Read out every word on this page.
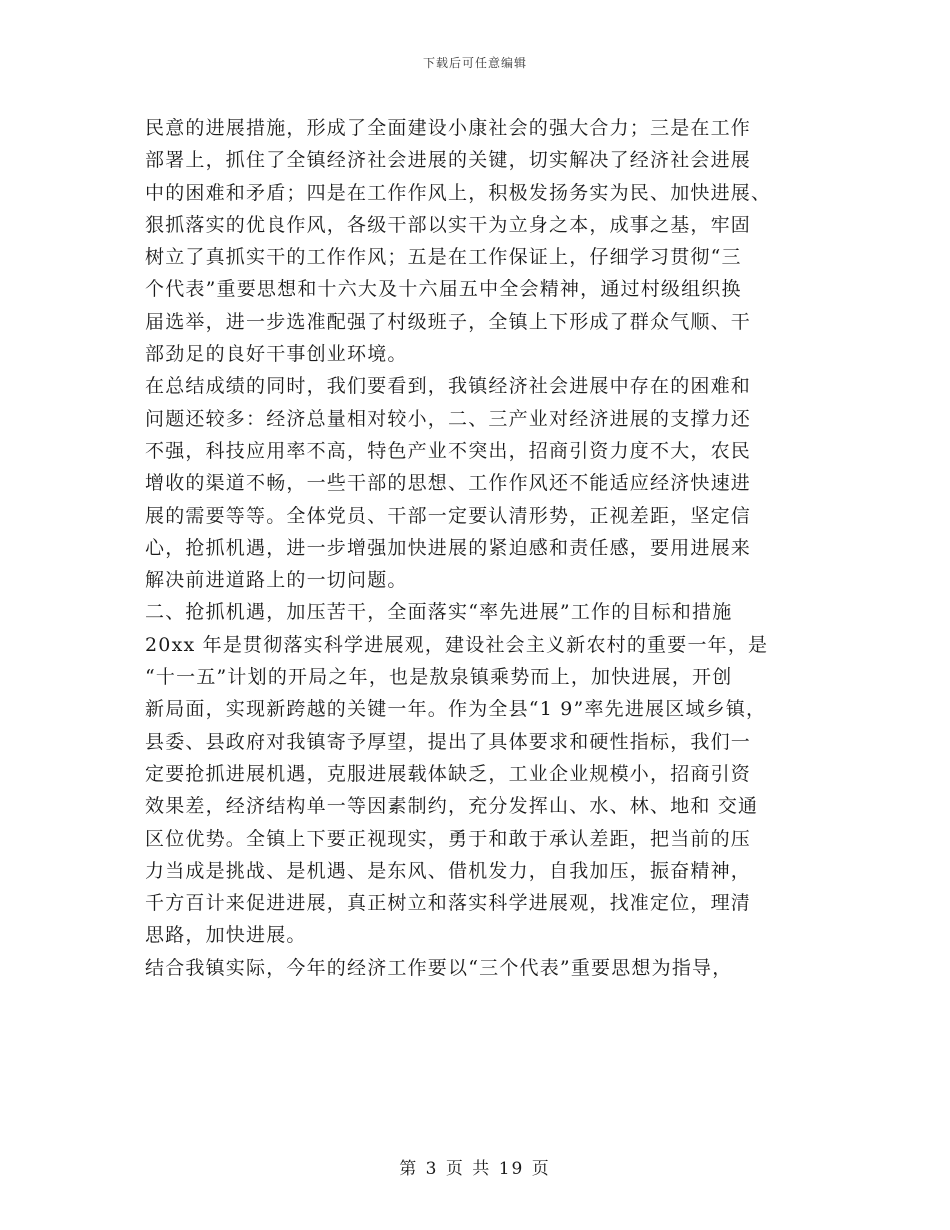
下载后可任意编辑
民意的进展措施，形成了全面建设小康社会的强大合力；三是在工作
部署上，抓住了全镇经济社会进展的关键，切实解决了经济社会进展
中的困难和矛盾；四是在工作作风上，积极发扬务实为民、加快进展、
狠抓落实的优良作风，各级干部以实干为立身之本，成事之基，牢固
树立了真抓实干的工作作风；五是在工作保证上，仔细学习贯彻“三
个代表”重要思想和十六大及十六届五中全会精神，通过村级组织换
届选举，进一步选准配强了村级班子，全镇上下形成了群众气顺、干
部劲足的良好干事创业环境。
在总结成绩的同时，我们要看到，我镇经济社会进展中存在的困难和
问题还较多：经济总量相对较小，二、三产业对经济进展的支撑力还
不强，科技应用率不高，特色产业不突出，招商引资力度不大，农民
增收的渠道不畅，一些干部的思想、工作作风还不能适应经济快速进
展的需要等等。全体党员、干部一定要认清形势，正视差距，坚定信
心，抢抓机遇，进一步增强加快进展的紧迫感和责任感，要用进展来
解决前进道路上的一切问题。
二、抢抓机遇，加压苦干，全面落实“率先进展”工作的目标和措施
20xx 年是贯彻落实科学进展观，建设社会主义新农村的重要一年，是
“十一五”计划的开局之年，也是敖泉镇乘势而上，加快进展，开创
新局面，实现新跨越的关键一年。作为全县“1 9”率先进展区域乡镇，
县委、县政府对我镇寄予厚望，提出了具体要求和硬性指标，我们一
定要抢抓进展机遇，克服进展载体缺乏，工业企业规模小，招商引资
效果差，经济结构单一等因素制约，充分发挥山、水、林、地和 交通
区位优势。全镇上下要正视现实，勇于和敢于承认差距，把当前的压
力当成是挑战、是机遇、是东风、借机发力，自我加压，振奋精神，
千方百计来促进进展，真正树立和落实科学进展观，找准定位，理清
思路，加快进展。
结合我镇实际，今年的经济工作要以“三个代表”重要思想为指导，
第 3 页 共 19 页
